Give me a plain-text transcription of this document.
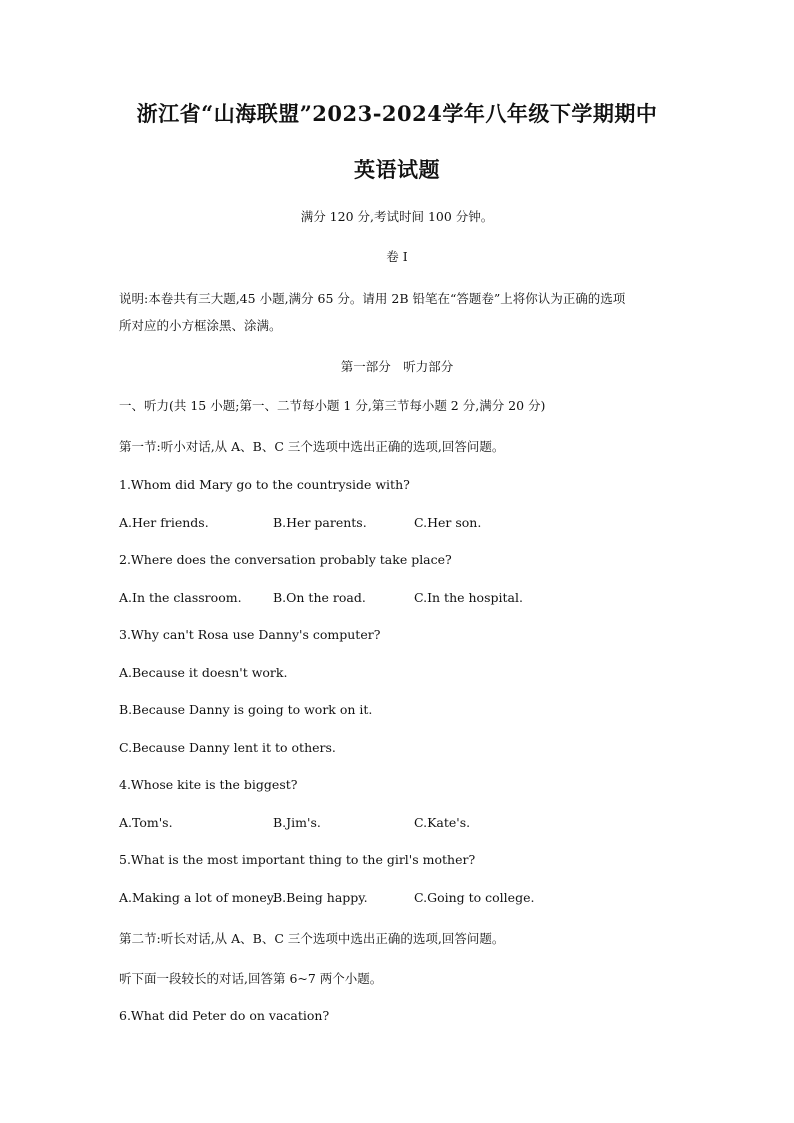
浙江省“山海联盟”2023-2024学年八年级下学期期中
英语试题
满分 120 分,考试时间 100 分钟。
卷 I
说明:本卷共有三大题,45 小题,满分 65 分。请用 2B 铅笔在“答题卷”上将你认为正确的选项
所对应的小方框涂黑、涂满。
第一部分　听力部分
一、听力(共 15 小题;第一、二节每小题 1 分,第三节每小题 2 分,满分 20 分)
第一节:听小对话,从 A、B、C 三个选项中选出正确的选项,回答问题。
1.Whom did Mary go to the countryside with?
A.Her friends.	B.Her parents.	C.Her son.
2.Where does the conversation probably take place?
A.In the classroom.	B.On the road.	C.In the hospital.
3.Why can't Rosa use Danny's computer?
A.Because it doesn't work.
B.Because Danny is going to work on it.
C.Because Danny lent it to others.
4.Whose kite is the biggest?
A.Tom's.	B.Jim's.	C.Kate's.
5.What is the most important thing to the girl's mother?
A.Making a lot of money.
B.Being happy.	C.Going to college.
第二节:听长对话,从 A、B、C 三个选项中选出正确的选项,回答问题。
听下面一段较长的对话,回答第 6~7 两个小题。
6.What did Peter do on vacation?
